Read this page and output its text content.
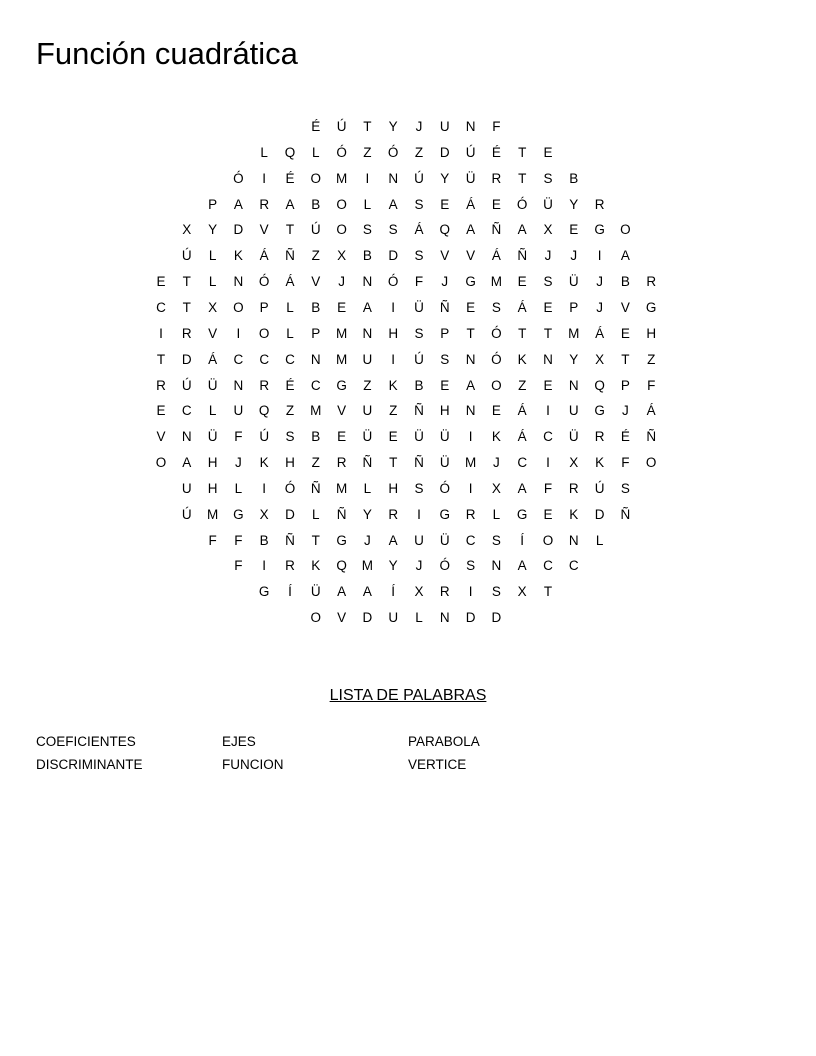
Función cuadrática
É	Ú	T	Y	J	U	N	F
L	Q	L	Ó	Z	Ó	Z	D	Ú	É	T	E
Ó	I	É	O	M	I	N	Ú	Y	Ü	R	T	S	B
P	A	R	A	B	O	L	A	S	E	Á	E	Ó	Ü	Y	R
X	Y	D	V	T	Ú	O	S	S	Á	Q	A	Ñ	A	X	E	G	O
Ú	L	K	Á	Ñ	Z	X	B	D	S	V	V	Á	Ñ	J	J	I	A
E	T	L	N	Ó	Á	V	J	N	Ó	F	J	G	M	E	S	Ü	J	B	R
C	T	X	O	P	L	B	E	A	I	Ü	Ñ	E	S	Á	E	P	J	V	G
I	R	V	I	O	L	P	M	N	H	S	P	T	Ó	T	T	M	Á	E	H
T	D	Á	C	C	C	N	M	U	I	Ú	S	N	Ó	K	N	Y	X	T	Z
R	Ú	Ü	N	R	É	C	G	Z	K	B	E	A	O	Z	E	N	Q	P	F
E	C	L	U	Q	Z	M	V	U	Z	Ñ	H	N	E	Á	I	U	G	J	Á
V	N	Ü	F	Ú	S	B	E	Ü	E	Ü	Ü	I	K	Á	C	Ü	R	É	Ñ
O	A	H	J	K	H	Z	R	Ñ	T	Ñ	Ü	M	J	C	I	X	K	F	O
U	H	L	I	Ó	Ñ	M	L	H	S	Ó	I	X	A	F	R	Ú	S
Ú	M	G	X	D	L	Ñ	Y	R	I	G	R	L	G	E	K	D	Ñ
F	F	B	Ñ	T	G	J	A	U	Ü	C	S	Í	O	N	L
F	I	R	K	Q	M	Y	J	Ó	S	N	A	C	C
G	Í	Ü	A	A	Í	X	R	I	S	X	T
O	V	D	U	L	N	D	D
LISTA DE PALABRAS
COEFICIENTES
DISCRIMINANTE
EJES
FUNCION
PARABOLA
VERTICE
